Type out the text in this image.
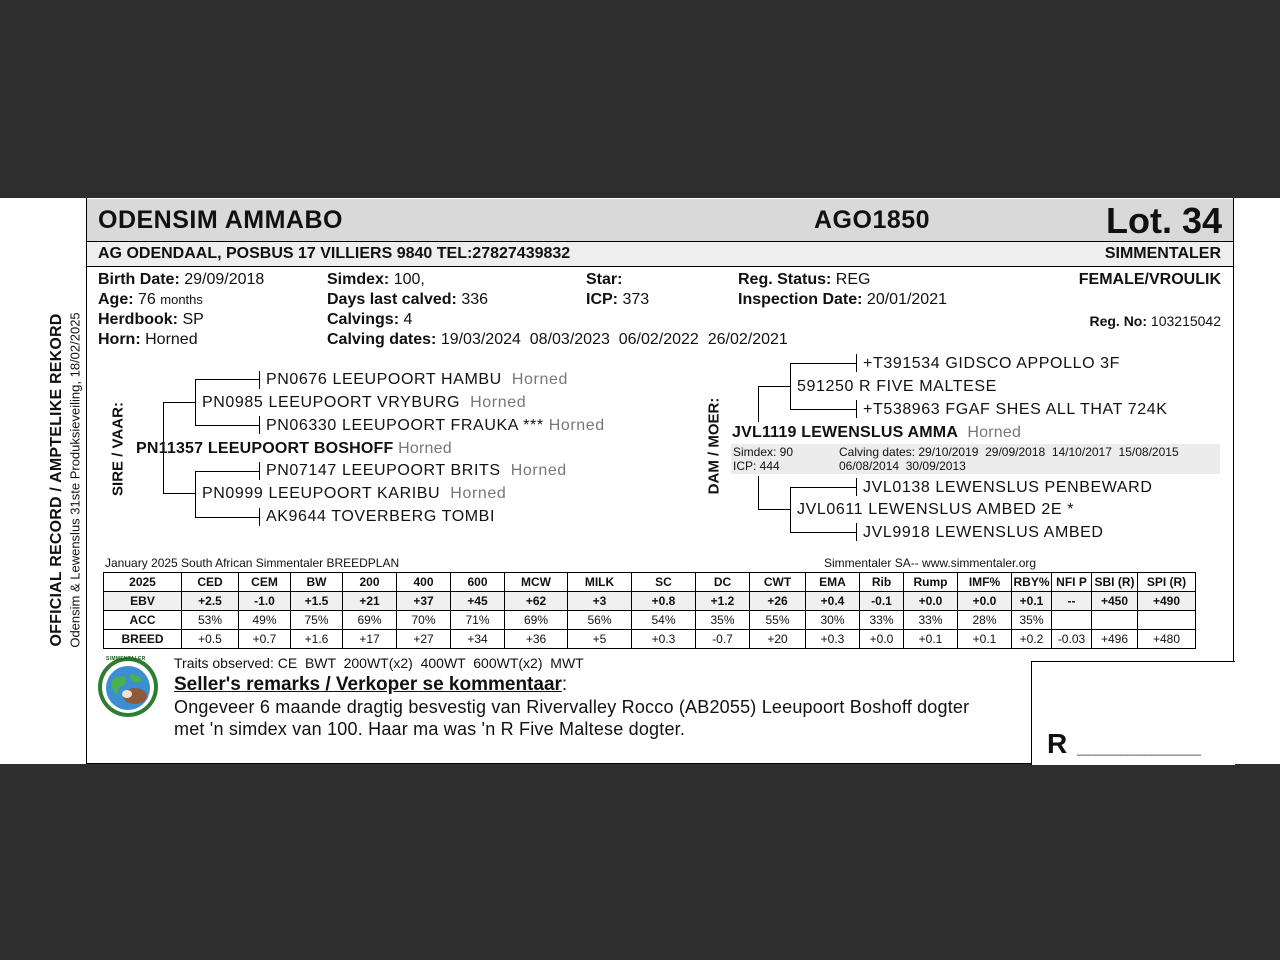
OFFICIAL RECORD / AMPTELIKE REKORD Odensim & Lewenslus 31ste Produksieveiling, 18/02/2025
ODENSIM AMMABO	AGO1850	Lot. 34
AG ODENDAAL, POSBUS 17 VILLIERS 9840 TEL:27827439832	SIMMENTALER
Birth Date: 29/09/2018
Age: 76 months
Herdbook: SP
Horn: Horned
Simdex: 100,
Days last calved: 336
Calvings: 4
Calving dates: 19/03/2024  08/03/2023  06/02/2022  26/02/2021
Star:
ICP: 373
Reg. Status: REG
Inspection Date: 20/01/2021
FEMALE/VROULIK
Reg. No: 103215042
SIRE / VAAR:
PN0676 LEEUPOORT HAMBU Horned
PN0985 LEEUPOORT VRYBURG Horned
PN06330 LEEUPOORT FRAUKA *** Horned
PN11357 LEEUPOORT BOSHOFF Horned
PN07147 LEEUPOORT BRITS Horned
PN0999 LEEUPOORT KARIBU Horned
AK9644 TOVERBERG TOMBI
DAM / MOER:
+T391534 GIDSCO APPOLLO 3F
591250 R FIVE MALTESE
+T538963 FGAF SHES ALL THAT 724K
JVL1119 LEWENSLUS AMMA Horned
Simdex: 90
ICP: 444
Calving dates: 29/10/2019  29/09/2018  14/10/2017  15/08/2015
06/08/2014  30/09/2013
JVL0138 LEWENSLUS PENBEWARD
JVL0611 LEWENSLUS AMBED 2E *
JVL9918 LEWENSLUS AMBED
January 2025 South African Simmentaler BREEDPLAN	Simmentaler SA-- www.simmentaler.org
2025	CED	CEM	BW	200	400	600	MCW	MILK	SC	DC	CWT	EMA	Rib	Rump	IMF%	RBY%	NFI P	SBI (R)	SPI (R)
EBV	+2.5	-1.0	+1.5	+21	+37	+45	+62	+3	+0.8	+1.2	+26	+0.4	-0.1	+0.0	+0.0	+0.1	--	+450	+490
ACC	53%	49%	75%	69%	70%	71%	69%	56%	54%	35%	55%	30%	33%	33%	28%	35%			
BREED	+0.5	+0.7	+1.6	+17	+27	+34	+36	+5	+0.3	-0.7	+20	+0.3	+0.0	+0.1	+0.1	+0.2	-0.03	+496	+480
SIMMENTALER Traits observed: CE  BWT  200WT(x2)  400WT  600WT(x2)  MWT
Seller's remarks / Verkoper se kommentaar:
Ongeveer 6 maande dragtig besvestig van Rivervalley Rocco (AB2055) Leeupoort Boshoff dogter
met 'n simdex van 100. Haar ma was 'n R Five Maltese dogter.	R ____________________
